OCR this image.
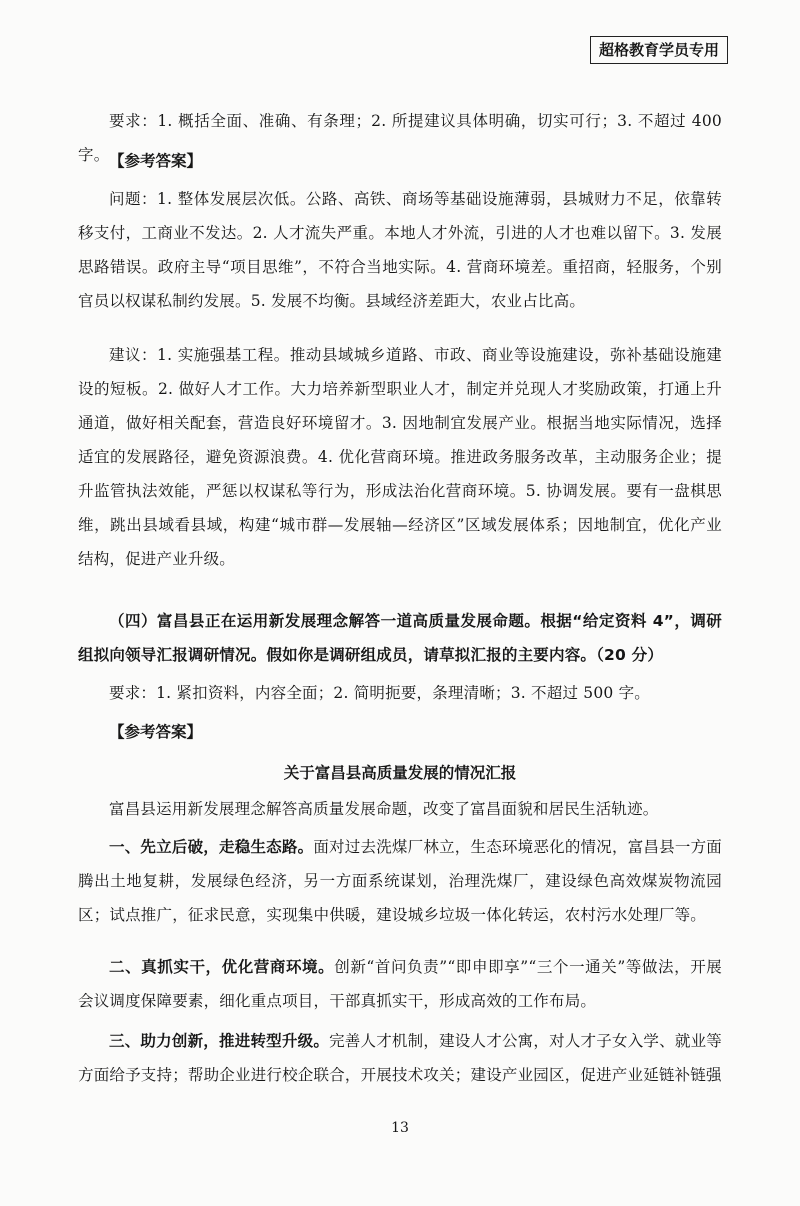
超格教育学员专用

要求：1. 概括全面、准确、有条理；2. 所提建议具体明确，切实可行；3. 不超过 400 字。 【参考答案】

问题：1. 整体发展层次低。公路、高铁、商场等基础设施薄弱，县城财力不足，依靠转移支付，工商业不发达。2. 人才流失严重。本地人才外流，引进的人才也难以留下。3. 发展思路错误。政府主导“项目思维”，不符合当地实际。4. 营商环境差。重招商，轻服务，个别官员以权谋私制约发展。5. 发展不均衡。县域经济差距大，农业占比高。

建议：1. 实施强基工程。推动县域城乡道路、市政、商业等设施建设，弥补基础设施建设的短板。2. 做好人才工作。大力培养新型职业人才，制定并兑现人才奖励政策，打通上升通道，做好相关配套，营造良好环境留才。3. 因地制宜发展产业。根据当地实际情况，选择适宜的发展路径，避免资源浪费。4. 优化营商环境。推进政务服务改革，主动服务企业；提升监管执法效能，严惩以权谋私等行为，形成法治化营商环境。5. 协调发展。要有一盘棋思维，跳出县域看县域，构建“城市群—发展轴—经济区”区域发展体系；因地制宜，优化产业结构，促进产业升级。

（四）富昌县正在运用新发展理念解答一道高质量发展命题。根据“给定资料 4”，调研组拟向领导汇报调研情况。假如你是调研组成员，请草拟汇报的主要内容。（20 分）

要求：1. 紧扣资料，内容全面；2. 简明扼要，条理清晰；3. 不超过 500 字。

【参考答案】
关于富昌县高质量发展的情况汇报

富昌县运用新发展理念解答高质量发展命题，改变了富昌面貌和居民生活轨迹。

一、先立后破，走稳生态路。面对过去洗煤厂林立，生态环境恶化的情况，富昌县一方面腾出土地复耕，发展绿色经济，另一方面系统谋划，治理洗煤厂，建设绿色高效煤炭物流园区；试点推广，征求民意，实现集中供暖，建设城乡垃圾一体化转运，农村污水处理厂等。

二、真抓实干，优化营商环境。创新“首问负责”“即申即享”“三个一通关”等做法，开展会议调度保障要素，细化重点项目，干部真抓实干，形成高效的工作布局。

三、助力创新，推进转型升级。完善人才机制，建设人才公寓，对人才子女入学、就业等方面给予支持；帮助企业进行校企联合，开展技术攻关；建设产业园区，促进产业延链补链强

13
